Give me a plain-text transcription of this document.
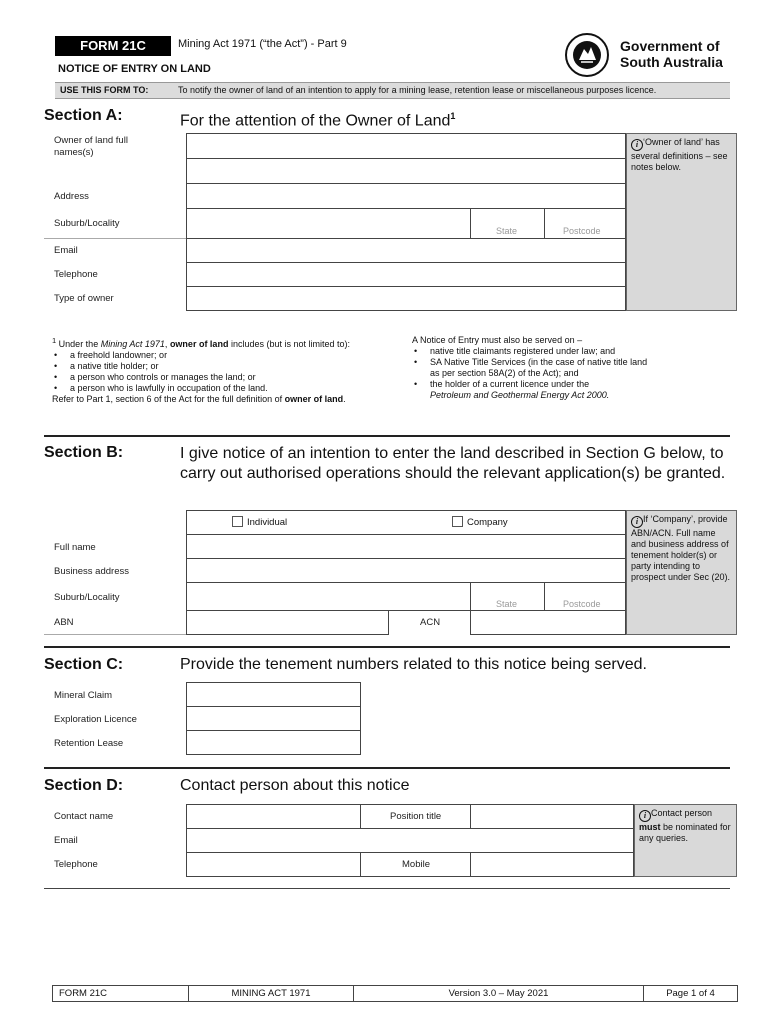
FORM 21C	Mining Act 1971 (“the Act”) - Part 9
NOTICE OF ENTRY ON LAND
Government of
South Australia
USE THIS FORM TO:	To notify the owner of land of an intention to apply for a mining lease, retention lease or miscellaneous purposes licence.
Section A:	For the attention of the Owner of Land$^1$
Owner of land full names(s)
Address
Suburb/Locality
State	Postcode
Email
Telephone
Type of owner
i ‘Owner of land’ has several definitions – see notes below.
$^1$ Under the Mining Act 1971, owner of land includes (but is not limited to):
• a freehold landowner; or
• a native title holder; or
• a person who controls or manages the land; or
• a person who is lawfully in occupation of the land.
Refer to Part 1, section 6 of the Act for the full definition of owner of land.
A Notice of Entry must also be served on –
• native title claimants registered under law; and
• SA Native Title Services (in the case of native title land as per section 58A(2) of the Act); and
• the holder of a current licence under the
Petroleum and Geothermal Energy Act 2000.
Section B:	I give notice of an intention to enter the land described in Section G below, to carry out authorised operations should the relevant application(s) be granted.
Individual	Company
Full name
Business address
Suburb/Locality
State	Postcode
ABN	ACN
i If ‘Company’, provide ABN/ACN. Full name and business address of tenement holder(s) or party intending to prospect under Sec (20).
Section C:	Provide the tenement numbers related to this notice being served.
Mineral Claim
Exploration Licence
Retention Lease
Section D:	Contact person about this notice
Contact name	Position title
Email
Telephone	Mobile
i Contact person must be nominated for any queries.
FORM 21C	MINING ACT 1971	Version 3.0 – May 2021	Page 1 of 4
